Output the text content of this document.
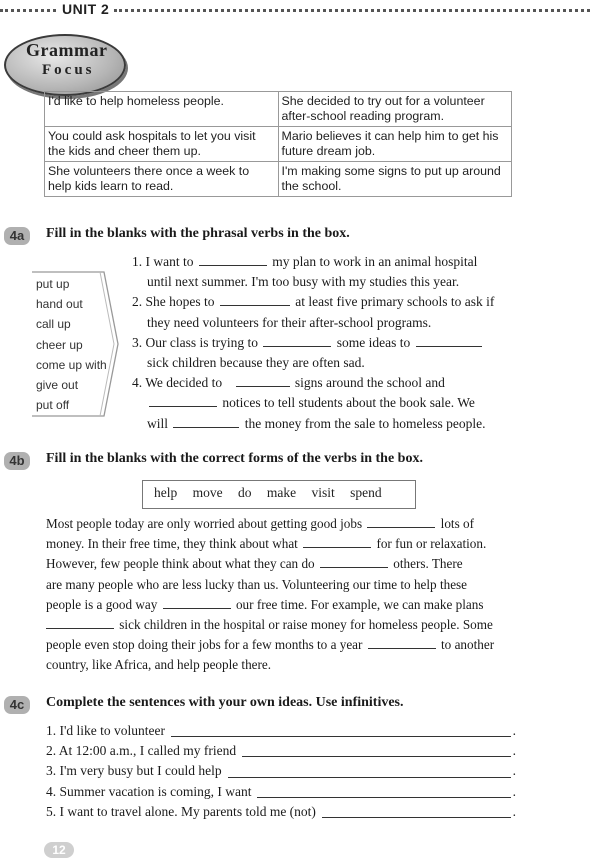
UNIT 2
Grammar
Focus
I'd like to help homeless people.	She decided to try out for a volunteer after-school reading program.
You could ask hospitals to let you visit the kids and cheer them up.	Mario believes it can help him to get his future dream job.
She volunteers there once a week to help kids learn to read.	I'm making some signs to put up around the school.
4a	Fill in the blanks with the phrasal verbs in the box.
put up
hand out
call up
cheer up
come up with
give out
put off
1. I want to	my plan to work in an animal hospital
until next summer. I'm too busy with my studies this year.
2. She hopes to	at least five primary schools to ask if
they need volunteers for their after-school programs.
3. Our class is trying to	some ideas to
sick children because they are often sad.
4. We decided to	signs around the school and
notices to tell students about the book sale. We
will	the money from the sale to homeless people.
4b	Fill in the blanks with the correct forms of the verbs in the box.
help move do make visit spend
Most people today are only worried about getting good jobs	lots of
money. In their free time, they think about what	for fun or relaxation.
However, few people think about what they can do	others. There
are many people who are less lucky than us. Volunteering our time to help these
people is a good way	our free time. For example, we can make plans
sick children in the hospital or raise money for homeless people. Some
people even stop doing their jobs for a few months to a year	to another
country, like Africa, and help people there.
4c	Complete the sentences with your own ideas. Use infinitives.
1. I'd like to volunteer	.
2. At 12:00 a.m., I called my friend	.
3. I'm very busy but I could help	.
4. Summer vacation is coming, I want	.
5. I want to travel alone. My parents told me (not)	.
12
